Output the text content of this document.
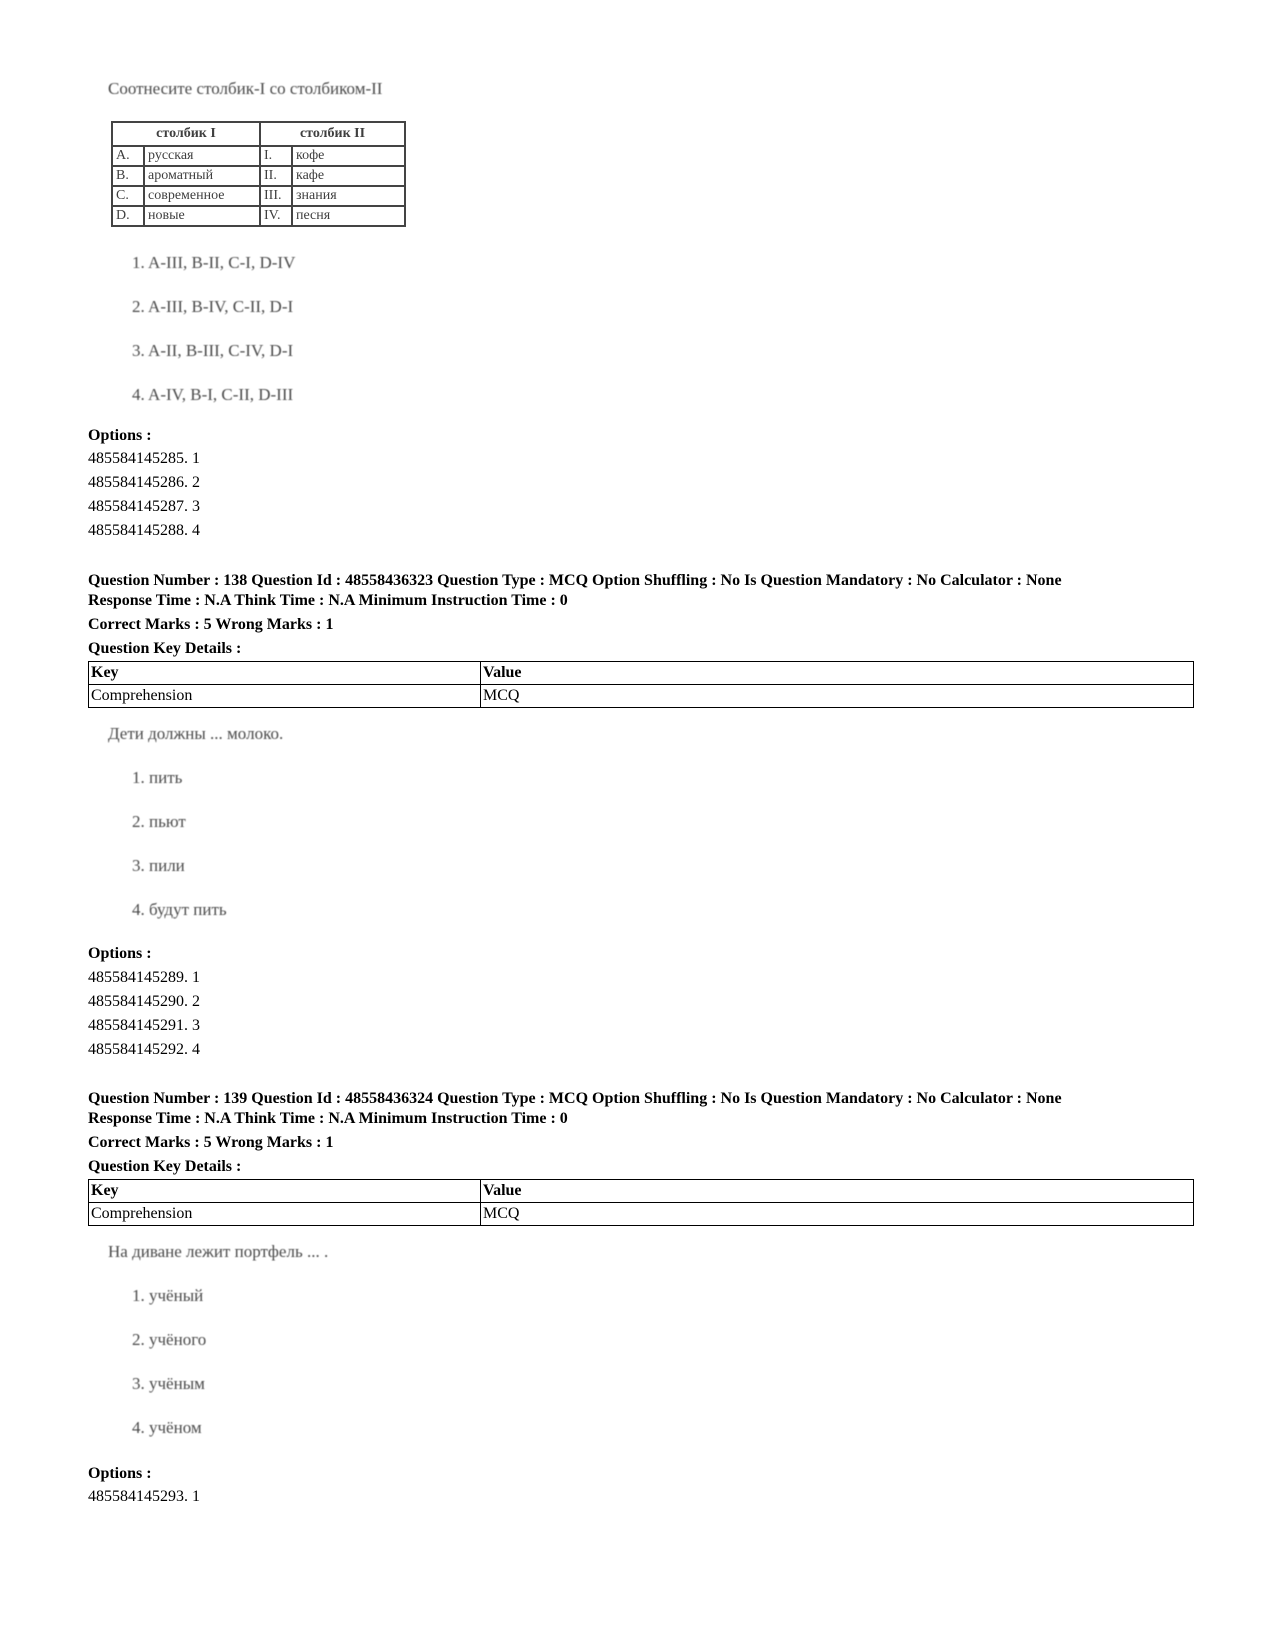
Соотнесите столбик-I со столбиком-II
столбик I		столбик II	
A.	русская	I.	кофе
B.	ароматный	II.	кафе
C.	современное	III.	знания
D.	новые	IV.	песня
1. A-III, B-II, C-I, D-IV
2. A-III, B-IV, C-II, D-I
3. A-II, B-III, C-IV, D-I
4. A-IV, B-I, C-II, D-III
Options :
485584145285. 1
485584145286. 2
485584145287. 3
485584145288. 4
Question Number : 138 Question Id : 48558436323 Question Type : MCQ Option Shuffling : No Is Question Mandatory : No Calculator : None
Response Time : N.A Think Time : N.A Minimum Instruction Time : 0
Correct Marks : 5 Wrong Marks : 1
Question Key Details :
Key	Value
Comprehension	MCQ
Дети должны ... молоко.
1. пить
2. пьют
3. пили
4. будут пить
Options :
485584145289. 1
485584145290. 2
485584145291. 3
485584145292. 4
Question Number : 139 Question Id : 48558436324 Question Type : MCQ Option Shuffling : No Is Question Mandatory : No Calculator : None
Response Time : N.A Think Time : N.A Minimum Instruction Time : 0
Correct Marks : 5 Wrong Marks : 1
Question Key Details :
Key	Value
Comprehension	MCQ
На диване лежит портфель ... .
1. учёный
2. учёного
3. учёным
4. учёном
Options :
485584145293. 1
